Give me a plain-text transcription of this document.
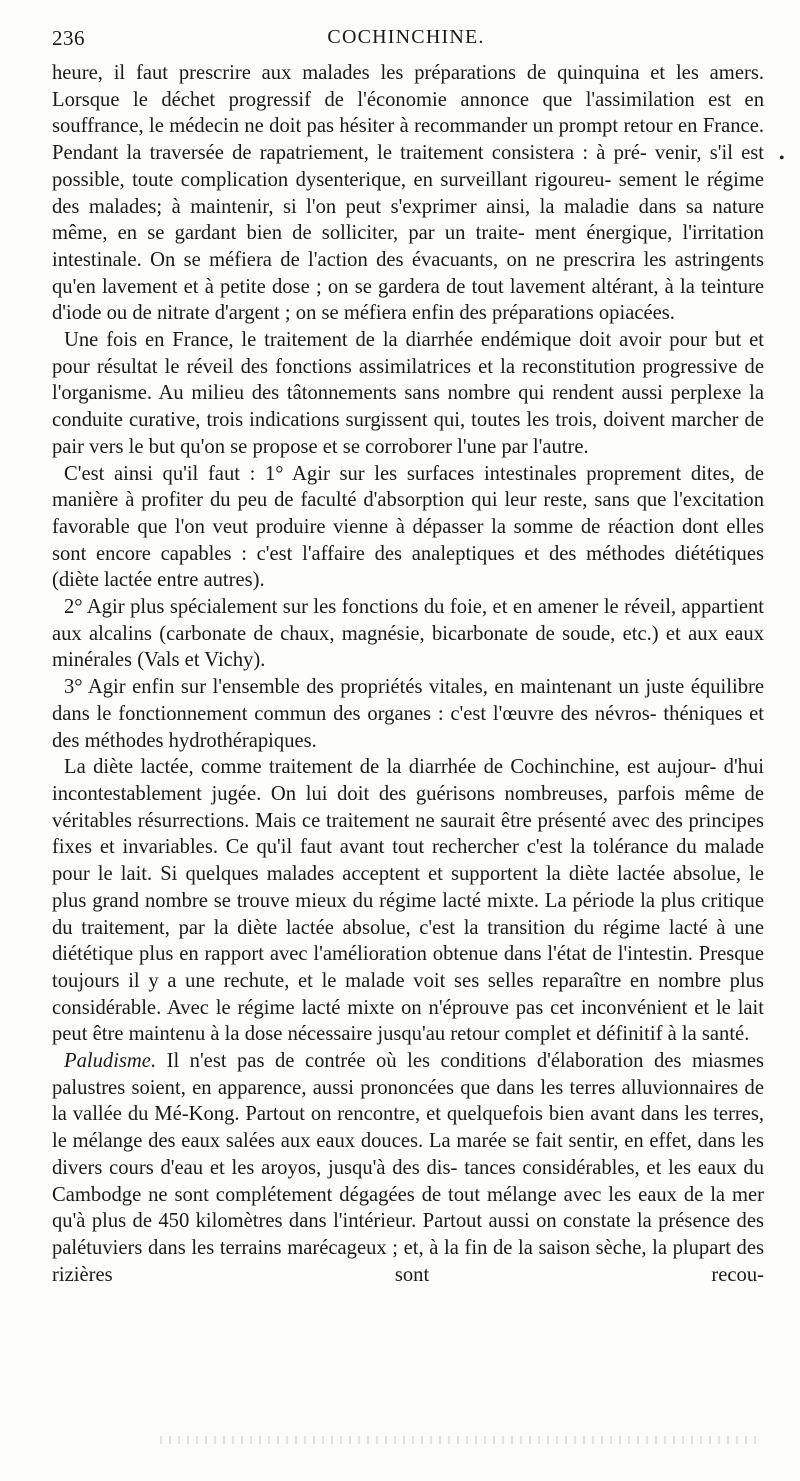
236	COCHINCHINE.

heure, il faut prescrire aux malades les préparations de quinquina et les amers. Lorsque le déchet progressif de l'économie annonce que l'assimilation est en souffrance, le médecin ne doit pas hésiter à recommander un prompt retour en France. Pendant la traversée de rapatriement, le traitement consistera : à pré- venir, s'il est possible, toute complication dysenterique, en surveillant rigoureu- sement le régime des malades; à maintenir, si l'on peut s'exprimer ainsi, la maladie dans sa nature même, en se gardant bien de solliciter, par un traite- ment énergique, l'irritation intestinale. On se méfiera de l'action des évacuants, on ne prescrira les astringents qu'en lavement et à petite dose ; on se gardera de tout lavement altérant, à la teinture d'iode ou de nitrate d'argent ; on se méfiera enfin des préparations opiacées.

Une fois en France, le traitement de la diarrhée endémique doit avoir pour but et pour résultat le réveil des fonctions assimilatrices et la reconstitution progressive de l'organisme. Au milieu des tâtonnements sans nombre qui rendent aussi perplexe la conduite curative, trois indications surgissent qui, toutes les trois, doivent marcher de pair vers le but qu'on se propose et se corroborer l'une par l'autre.

C'est ainsi qu'il faut : 1° Agir sur les surfaces intestinales proprement dites, de manière à profiter du peu de faculté d'absorption qui leur reste, sans que l'excitation favorable que l'on veut produire vienne à dépasser la somme de réaction dont elles sont encore capables : c'est l'affaire des analeptiques et des méthodes diététiques (diète lactée entre autres).

2° Agir plus spécialement sur les fonctions du foie, et en amener le réveil, appartient aux alcalins (carbonate de chaux, magnésie, bicarbonate de soude, etc.) et aux eaux minérales (Vals et Vichy).

3° Agir enfin sur l'ensemble des propriétés vitales, en maintenant un juste équilibre dans le fonctionnement commun des organes : c'est l'œuvre des névros- théniques et des méthodes hydrothérapiques.

La diète lactée, comme traitement de la diarrhée de Cochinchine, est aujour- d'hui incontestablement jugée. On lui doit des guérisons nombreuses, parfois même de véritables résurrections. Mais ce traitement ne saurait être présenté avec des principes fixes et invariables. Ce qu'il faut avant tout rechercher c'est la tolérance du malade pour le lait. Si quelques malades acceptent et supportent la diète lactée absolue, le plus grand nombre se trouve mieux du régime lacté mixte. La période la plus critique du traitement, par la diète lactée absolue, c'est la transition du régime lacté à une diététique plus en rapport avec l'amélioration obtenue dans l'état de l'intestin. Presque toujours il y a une rechute, et le malade voit ses selles reparaître en nombre plus considérable. Avec le régime lacté mixte on n'éprouve pas cet inconvénient et le lait peut être maintenu à la dose nécessaire jusqu'au retour complet et définitif à la santé.

Paludisme. Il n'est pas de contrée où les conditions d'élaboration des miasmes palustres soient, en apparence, aussi prononcées que dans les terres alluvionnaires de la vallée du Mé-Kong. Partout on rencontre, et quelquefois bien avant dans les terres, le mélange des eaux salées aux eaux douces. La marée se fait sentir, en effet, dans les divers cours d'eau et les aroyos, jusqu'à des dis- tances considérables, et les eaux du Cambodge ne sont complétement dégagées de tout mélange avec les eaux de la mer qu'à plus de 450 kilomètres dans l'intérieur. Partout aussi on constate la présence des palétuviers dans les terrains marécageux ; et, à la fin de la saison sèche, la plupart des rizières sont recou-

•
